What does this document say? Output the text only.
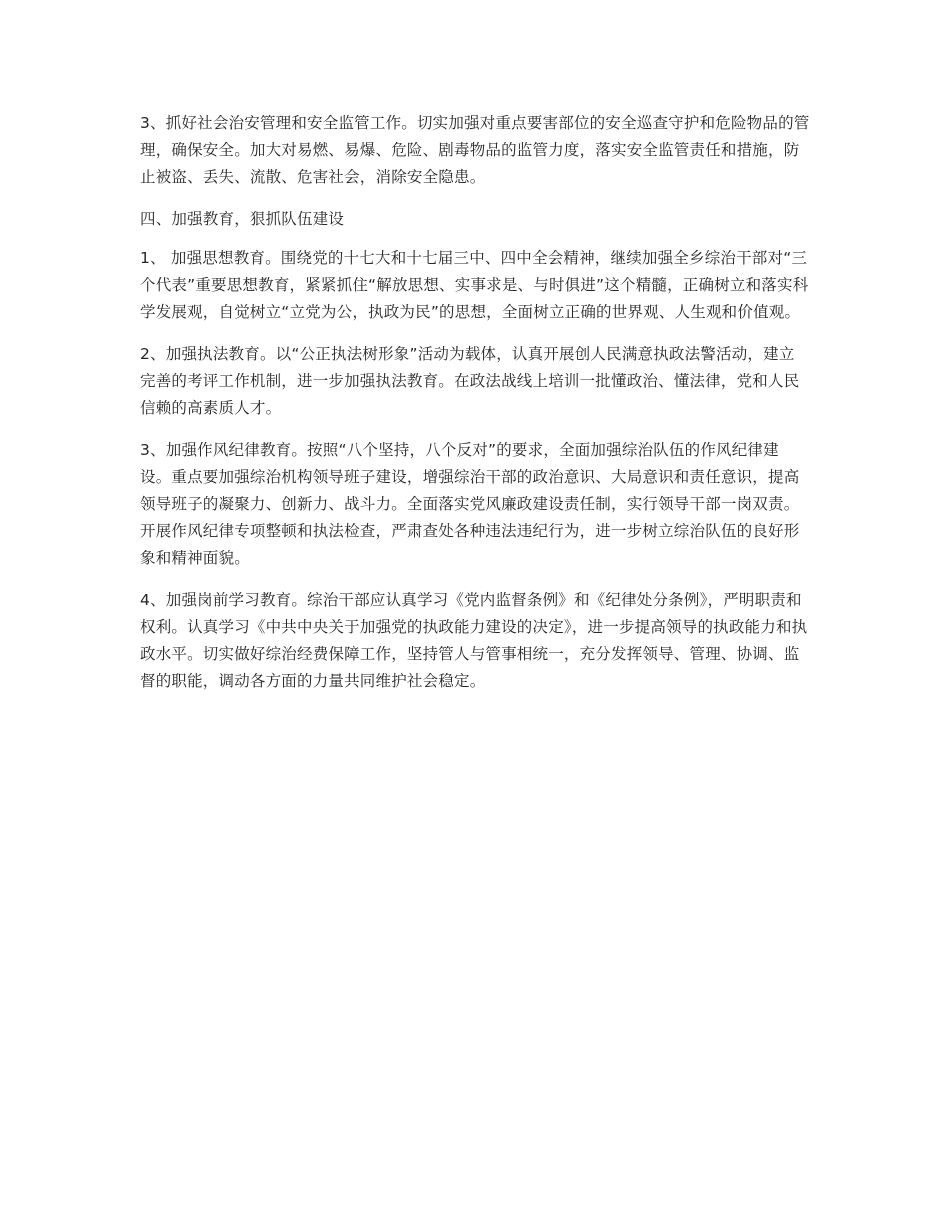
3、抓好社会治安管理和安全监管工作。切实加强对重点要害部位的安全巡查守护和危险物品的管理，确保安全。加大对易燃、易爆、危险、剧毒物品的监管力度，落实安全监管责任和措施，防止被盗、丢失、流散、危害社会，消除安全隐患。

四、加强教育，狠抓队伍建设

1、 加强思想教育。围绕党的十七大和十七届三中、四中全会精神，继续加强全乡综治干部对“三个代表”重要思想教育，紧紧抓住“解放思想、实事求是、与时俱进”这个精髓，正确树立和落实科学发展观，自觉树立“立党为公，执政为民”的思想，全面树立正确的世界观、人生观和价值观。

2、加强执法教育。以“公正执法树形象”活动为载体，认真开展创人民满意执政法警活动，建立完善的考评工作机制，进一步加强执法教育。在政法战线上培训一批懂政治、懂法律，党和人民信赖的高素质人才。

3、加强作风纪律教育。按照“八个坚持，八个反对”的要求，全面加强综治队伍的作风纪律建设。重点要加强综治机构领导班子建设，增强综治干部的政治意识、大局意识和责任意识，提高领导班子的凝聚力、创新力、战斗力。全面落实党风廉政建设责任制，实行领导干部一岗双责。开展作风纪律专项整顿和执法检查，严肃查处各种违法违纪行为，进一步树立综治队伍的良好形象和精神面貌。

4、加强岗前学习教育。综治干部应认真学习《党内监督条例》和《纪律处分条例》，严明职责和权利。认真学习《中共中央关于加强党的执政能力建设的决定》，进一步提高领导的执政能力和执政水平。切实做好综治经费保障工作，坚持管人与管事相统一，充分发挥领导、管理、协调、监督的职能，调动各方面的力量共同维护社会稳定。
